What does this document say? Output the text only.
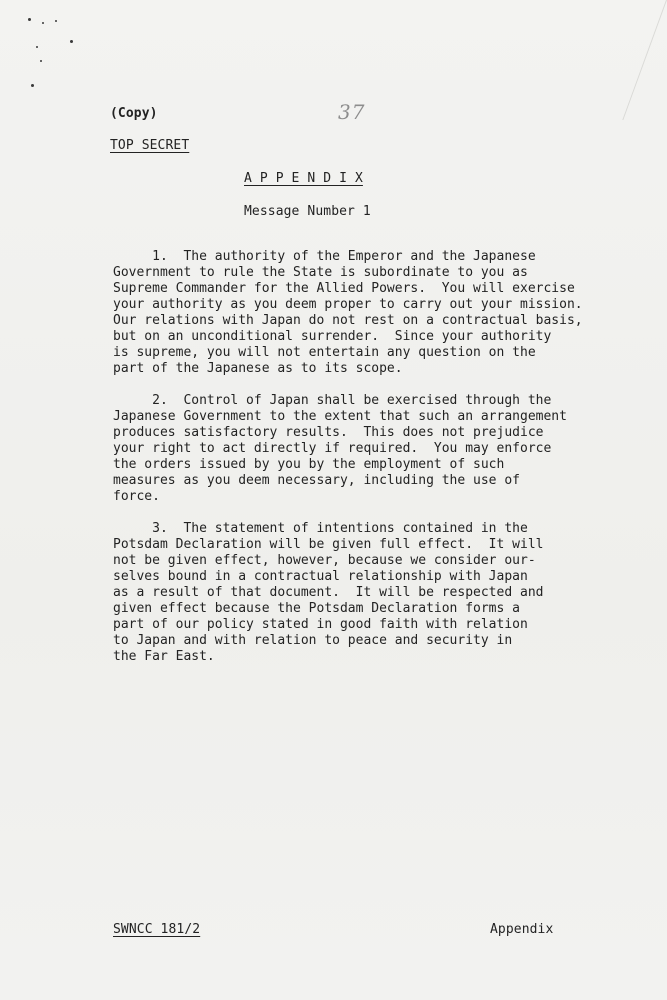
(Copy)	37
TOP SECRET
A P P E N D I X
Message Number 1
1.  The authority of the Emperor and the Japanese
Government to rule the State is subordinate to you as
Supreme Commander for the Allied Powers.  You will exercise
your authority as you deem proper to carry out your mission.
Our relations with Japan do not rest on a contractual basis,
but on an unconditional surrender.  Since your authority
is supreme, you will not entertain any question on the
part of the Japanese as to its scope.
2.  Control of Japan shall be exercised through the
Japanese Government to the extent that such an arrangement
produces satisfactory results.  This does not prejudice
your right to act directly if required.  You may enforce
the orders issued by you by the employment of such
measures as you deem necessary, including the use of
force.
3.  The statement of intentions contained in the
Potsdam Declaration will be given full effect.  It will
not be given effect, however, because we consider our-
selves bound in a contractual relationship with Japan
as a result of that document.  It will be respected and
given effect because the Potsdam Declaration forms a
part of our policy stated in good faith with relation
to Japan and with relation to peace and security in
the Far East.
SWNCC 181/2	Appendix
